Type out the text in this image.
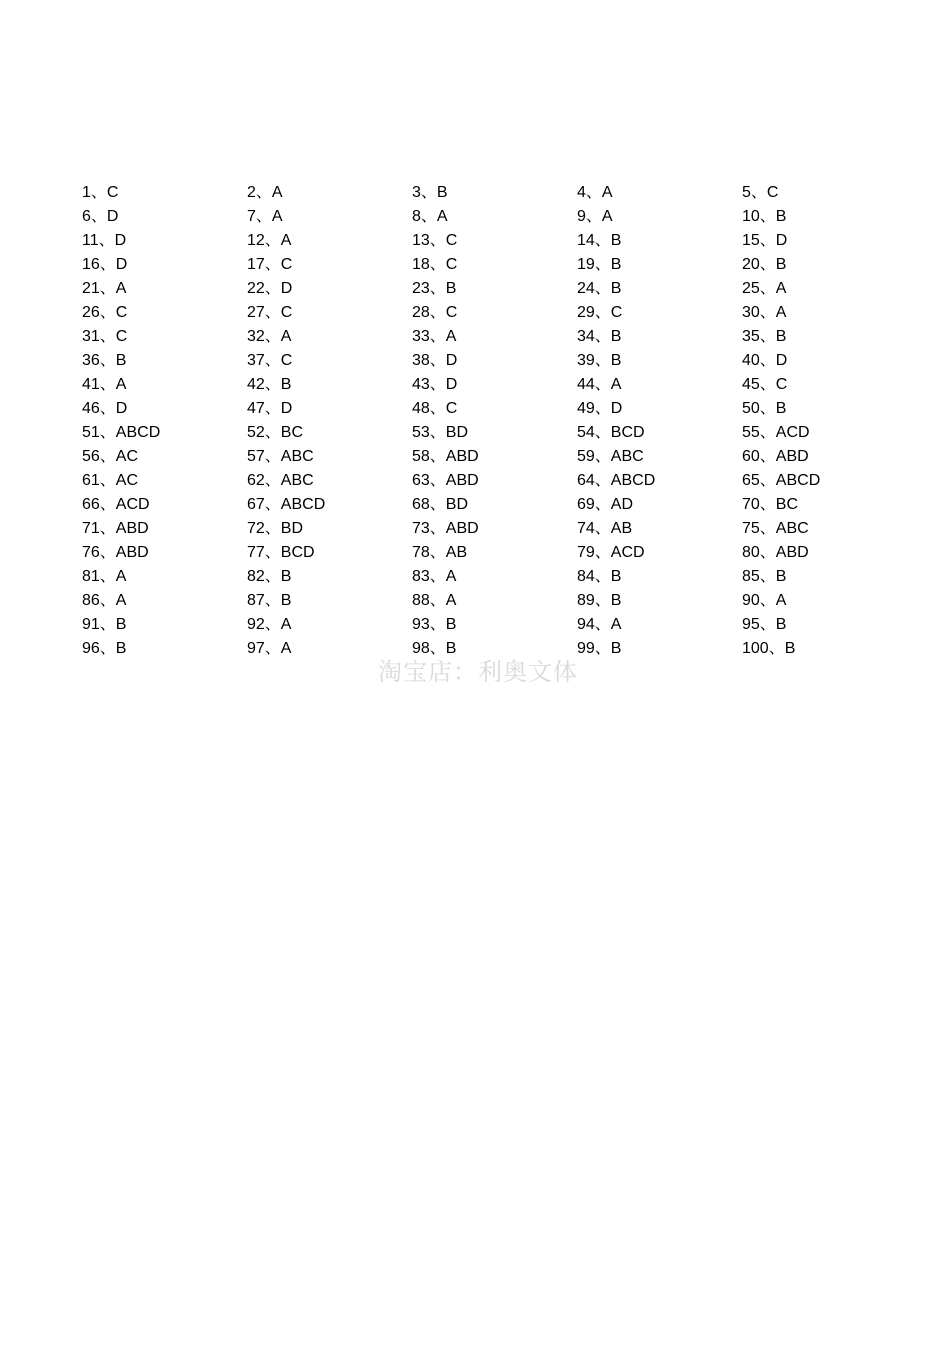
1、C	2、A	3、B	4、A	5、C
6、D	7、A	8、A	9、A	10、B
11、D	12、A	13、C	14、B	15、D
16、D	17、C	18、C	19、B	20、B
21、A	22、D	23、B	24、B	25、A
26、C	27、C	28、C	29、C	30、A
31、C	32、A	33、A	34、B	35、B
36、B	37、C	38、D	39、B	40、D
41、A	42、B	43、D	44、A	45、C
46、D	47、D	48、C	49、D	50、B
51、ABCD	52、BC	53、BD	54、BCD	55、ACD
56、AC	57、ABC	58、ABD	59、ABC	60、ABD
61、AC	62、ABC	63、ABD	64、ABCD	65、ABCD
66、ACD	67、ABCD	68、BD	69、AD	70、BC
71、ABD	72、BD	73、ABD	74、AB	75、ABC
76、ABD	77、BCD	78、AB	79、ACD	80、ABD
81、A	82、B	83、A	84、B	85、B
86、A	87、B	88、A	89、B	90、A
91、B	92、A	93、B	94、A	95、B
96、B	97、A	98、B	99、B	100、B
淘宝店：利奥文体
